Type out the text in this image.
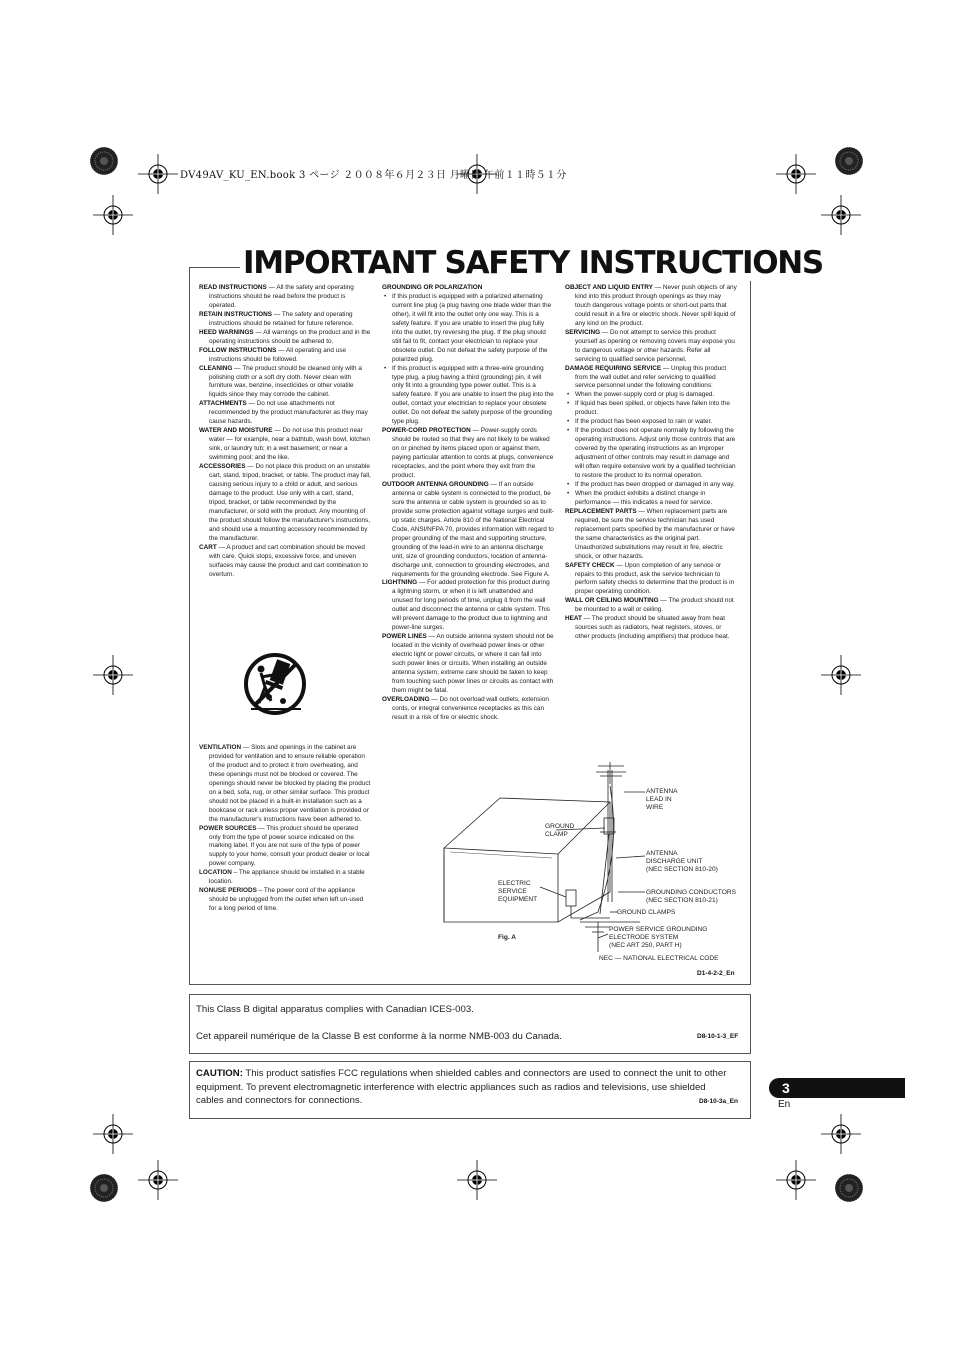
DV49AV_KU_EN.book 3 ページ ２００８年６月２３日 月曜日 午前１１時５１分
IMPORTANT SAFETY INSTRUCTIONS

READ INSTRUCTIONS — All the safety and operating instructions should be read before the product is operated.

RETAIN INSTRUCTIONS — The safety and operating instructions should be retained for future reference.

HEED WARNINGS — All warnings on the product and in the operating instructions should be adhered to.

FOLLOW INSTRUCTIONS — All operating and use instructions should be followed.

CLEANING — The product should be cleaned only with a polishing cloth or a soft dry cloth. Never clean with furniture wax, benzine, insecticides or other volatile liquids since they may corrode the cabinet.

ATTACHMENTS — Do not use attachments not recommended by the product manufacturer as they may cause hazards.

WATER AND MOISTURE — Do not use this product near water — for example, near a bathtub, wash bowl, kitchen sink, or laundry tub; in a wet basement; or near a swimming pool; and the like.

ACCESSORIES — Do not place this product on an unstable cart, stand, tripod, bracket, or table. The product may fall, causing serious injury to a child or adult, and serious damage to the product. Use only with a cart, stand, tripod, bracket, or table recommended by the manufacturer, or sold with the product. Any mounting of the product should follow the manufacturer's instructions, and should use a mounting accessory recommended by the manufacturer.

CART — A product and cart combination should be moved with care. Quick stops, excessive force, and uneven surfaces may cause the product and cart combination to overturn.

VENTILATION — Slots and openings in the cabinet are provided for ventilation and to ensure reliable operation of the product and to protect it from overheating, and these openings must not be blocked or covered. The openings should never be blocked by placing the product on a bed, sofa, rug, or other similar surface. This product should not be placed in a built-in installation such as a bookcase or rack unless proper ventilation is provided or the manufacturer's instructions have been adhered to.

POWER SOURCES — This product should be operated only from the type of power source indicated on the marking label. If you are not sure of the type of power supply to your home, consult your product dealer or local power company.

LOCATION – The appliance should be installed in a stable location.

NONUSE PERIODS – The power cord of the appliance should be unplugged from the outlet when left un-used for a long period of time.

GROUNDING OR POLARIZATION

• If this product is equipped with a polarized alternating current line plug (a plug having one blade wider than the other), it will fit into the outlet only one way. This is a safety feature. If you are unable to insert the plug fully into the outlet, try reversing the plug. If the plug should still fail to fit, contact your electrician to replace your obsolete outlet. Do not defeat the safety purpose of the polarized plug.
• If this product is equipped with a three-wire grounding type plug, a plug having a third (grounding) pin, it will only fit into a grounding type power outlet. This is a safety feature. If you are unable to insert the plug into the outlet, contact your electrician to replace your obsolete outlet. Do not defeat the safety purpose of the grounding type plug.

POWER-CORD PROTECTION — Power-supply cords should be routed so that they are not likely to be walked on or pinched by items placed upon or against them, paying particular attention to cords at plugs, convenience receptacles, and the point where they exit from the product.

OUTDOOR ANTENNA GROUNDING — If an outside antenna or cable system is connected to the product, be sure the antenna or cable system is grounded so as to provide some protection against voltage surges and built-up static charges. Article 810 of the National Electrical Code, ANSI/NFPA 70, provides information with regard to proper grounding of the mast and supporting structure, grounding of the lead-in wire to an antenna discharge unit, size of grounding conductors, location of antenna-discharge unit, connection to grounding electrodes, and requirements for the grounding electrode. See Figure A.

LIGHTNING — For added protection for this product during a lightning storm, or when it is left unattended and unused for long periods of time, unplug it from the wall outlet and disconnect the antenna or cable system. This will prevent damage to the product due to lightning and power-line surges.

POWER LINES — An outside antenna system should not be located in the vicinity of overhead power lines or other electric light or power circuits, or where it can fall into such power lines or circuits. When installing an outside antenna system, extreme care should be taken to keep from touching such power lines or circuits as contact with them might be fatal.

OVERLOADING — Do not overload wall outlets, extension cords, or integral convenience receptacles as this can result in a risk of fire or electric shock.

OBJECT AND LIQUID ENTRY — Never push objects of any kind into this product through openings as they may touch dangerous voltage points or short-out parts that could result in a fire or electric shock. Never spill liquid of any kind on the product.

SERVICING — Do not attempt to service this product yourself as opening or removing covers may expose you to dangerous voltage or other hazards. Refer all servicing to qualified service personnel.

DAMAGE REQUIRING SERVICE — Unplug this product from the wall outlet and refer servicing to qualified service personnel under the following conditions:

• When the power-supply cord or plug is damaged.
• If liquid has been spilled, or objects have fallen into the product.
• If the product has been exposed to rain or water.
• If the product does not operate normally by following the operating instructions. Adjust only those controls that are covered by the operating instructions as an improper adjustment of other controls may result in damage and will often require extensive work by a qualified technician to restore the product to its normal operation.
• If the product has been dropped or damaged in any way.
• When the product exhibits a distinct change in performance — this indicates a need for service.

REPLACEMENT PARTS — When replacement parts are required, be sure the service technician has used replacement parts specified by the manufacturer or have the same characteristics as the original part. Unauthorized substitutions may result in fire, electric shock, or other hazards.

SAFETY CHECK — Upon completion of any service or repairs to this product, ask the service technician to perform safety checks to determine that the product is in proper operating condition.

WALL OR CEILING MOUNTING — The product should not be mounted to a wall or ceiling.

HEAT — The product should be situated away from heat sources such as radiators, heat registers, stoves, or other products (including amplifiers) that produce heat.

ANTENNA
LEAD IN
WIRE
GROUND
CLAMP
ANTENNA
DISCHARGE UNIT
(NEC SECTION 810-20)
ELECTRIC
SERVICE
EQUIPMENT
GROUNDING CONDUCTORS
(NEC SECTION 810-21)
GROUND CLAMPS
POWER SERVICE GROUNDING
ELECTRODE SYSTEM
(NEC ART 250, PART H)
NEC — NATIONAL ELECTRICAL CODE
Fig. A
D1-4-2-2_En
This Class B digital apparatus complies with Canadian ICES-003.
Cet appareil numérique de la Classe B est conforme à la norme NMB-003 du Canada.	D8-10-1-3_EF
CAUTION: This product satisfies FCC regulations when shielded cables and connectors are used to connect the unit to other equipment. To prevent electromagnetic interference with electric appliances such as radios and televisions, use shielded cables and connectors for connections.	D8-10-3a_En
3
En
